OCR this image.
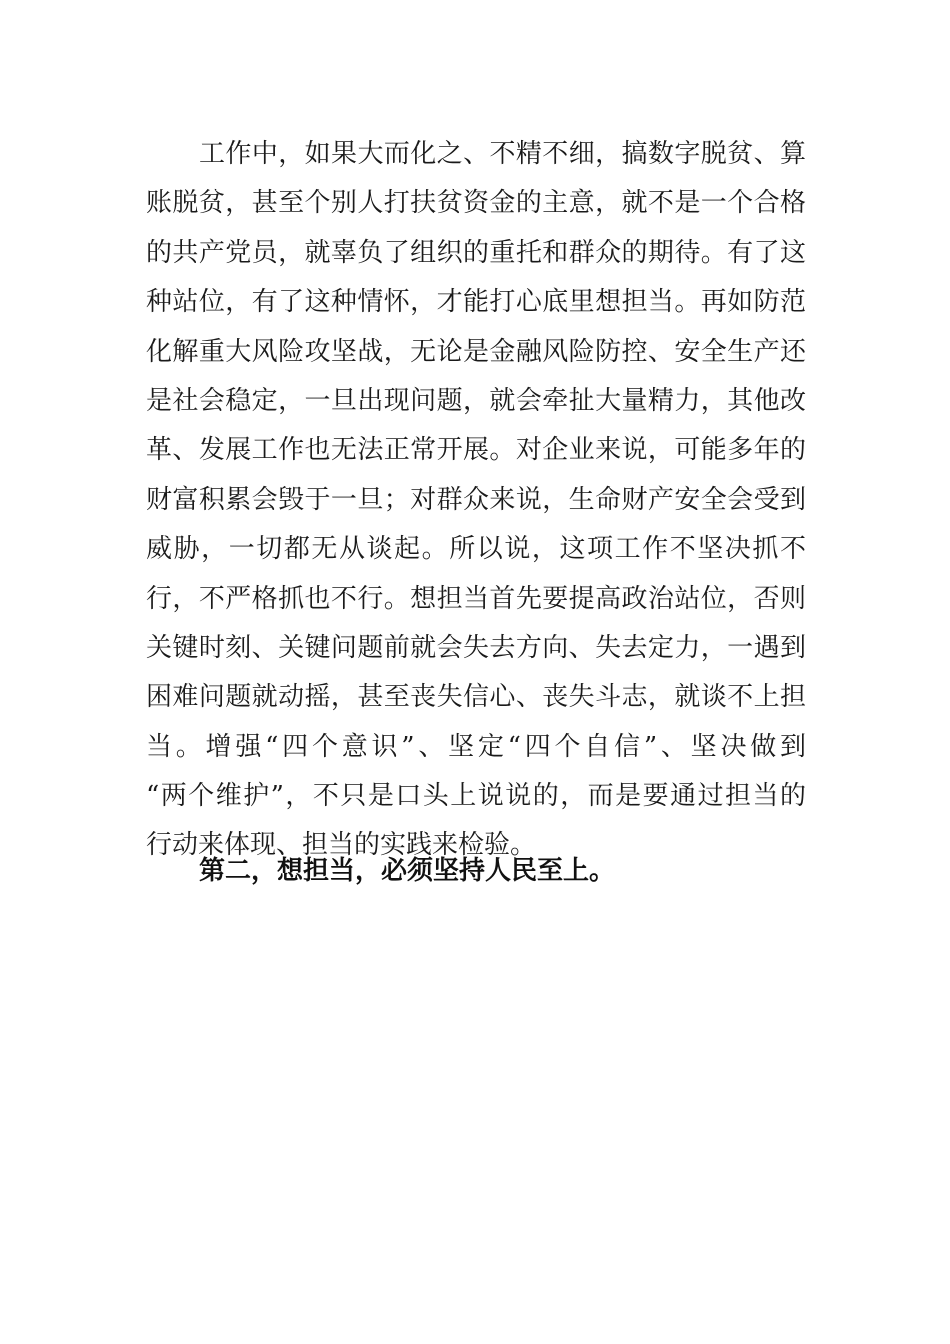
工作中，如果大而化之、不精不细，搞数字脱贫、算
账脱贫，甚至个别人打扶贫资金的主意，就不是一个合格
的共产党员，就辜负了组织的重托和群众的期待。有了这
种站位，有了这种情怀，才能打心底里想担当。再如防范
化解重大风险攻坚战，无论是金融风险防控、安全生产还
是社会稳定，一旦出现问题，就会牵扯大量精力，其他改
革、发展工作也无法正常开展。对企业来说，可能多年的
财富积累会毁于一旦；对群众来说，生命财产安全会受到
威胁，一切都无从谈起。所以说，这项工作不坚决抓不
行，不严格抓也不行。想担当首先要提高政治站位，否则
关键时刻、关键问题前就会失去方向、失去定力，一遇到
困难问题就动摇，甚至丧失信心、丧失斗志，就谈不上担
当。增强“四个意识”、坚定“四个自信”、坚决做到
“两个维护”，不只是口头上说说的，而是要通过担当的
行动来体现、担当的实践来检验。
第二，想担当，必须坚持人民至上。
